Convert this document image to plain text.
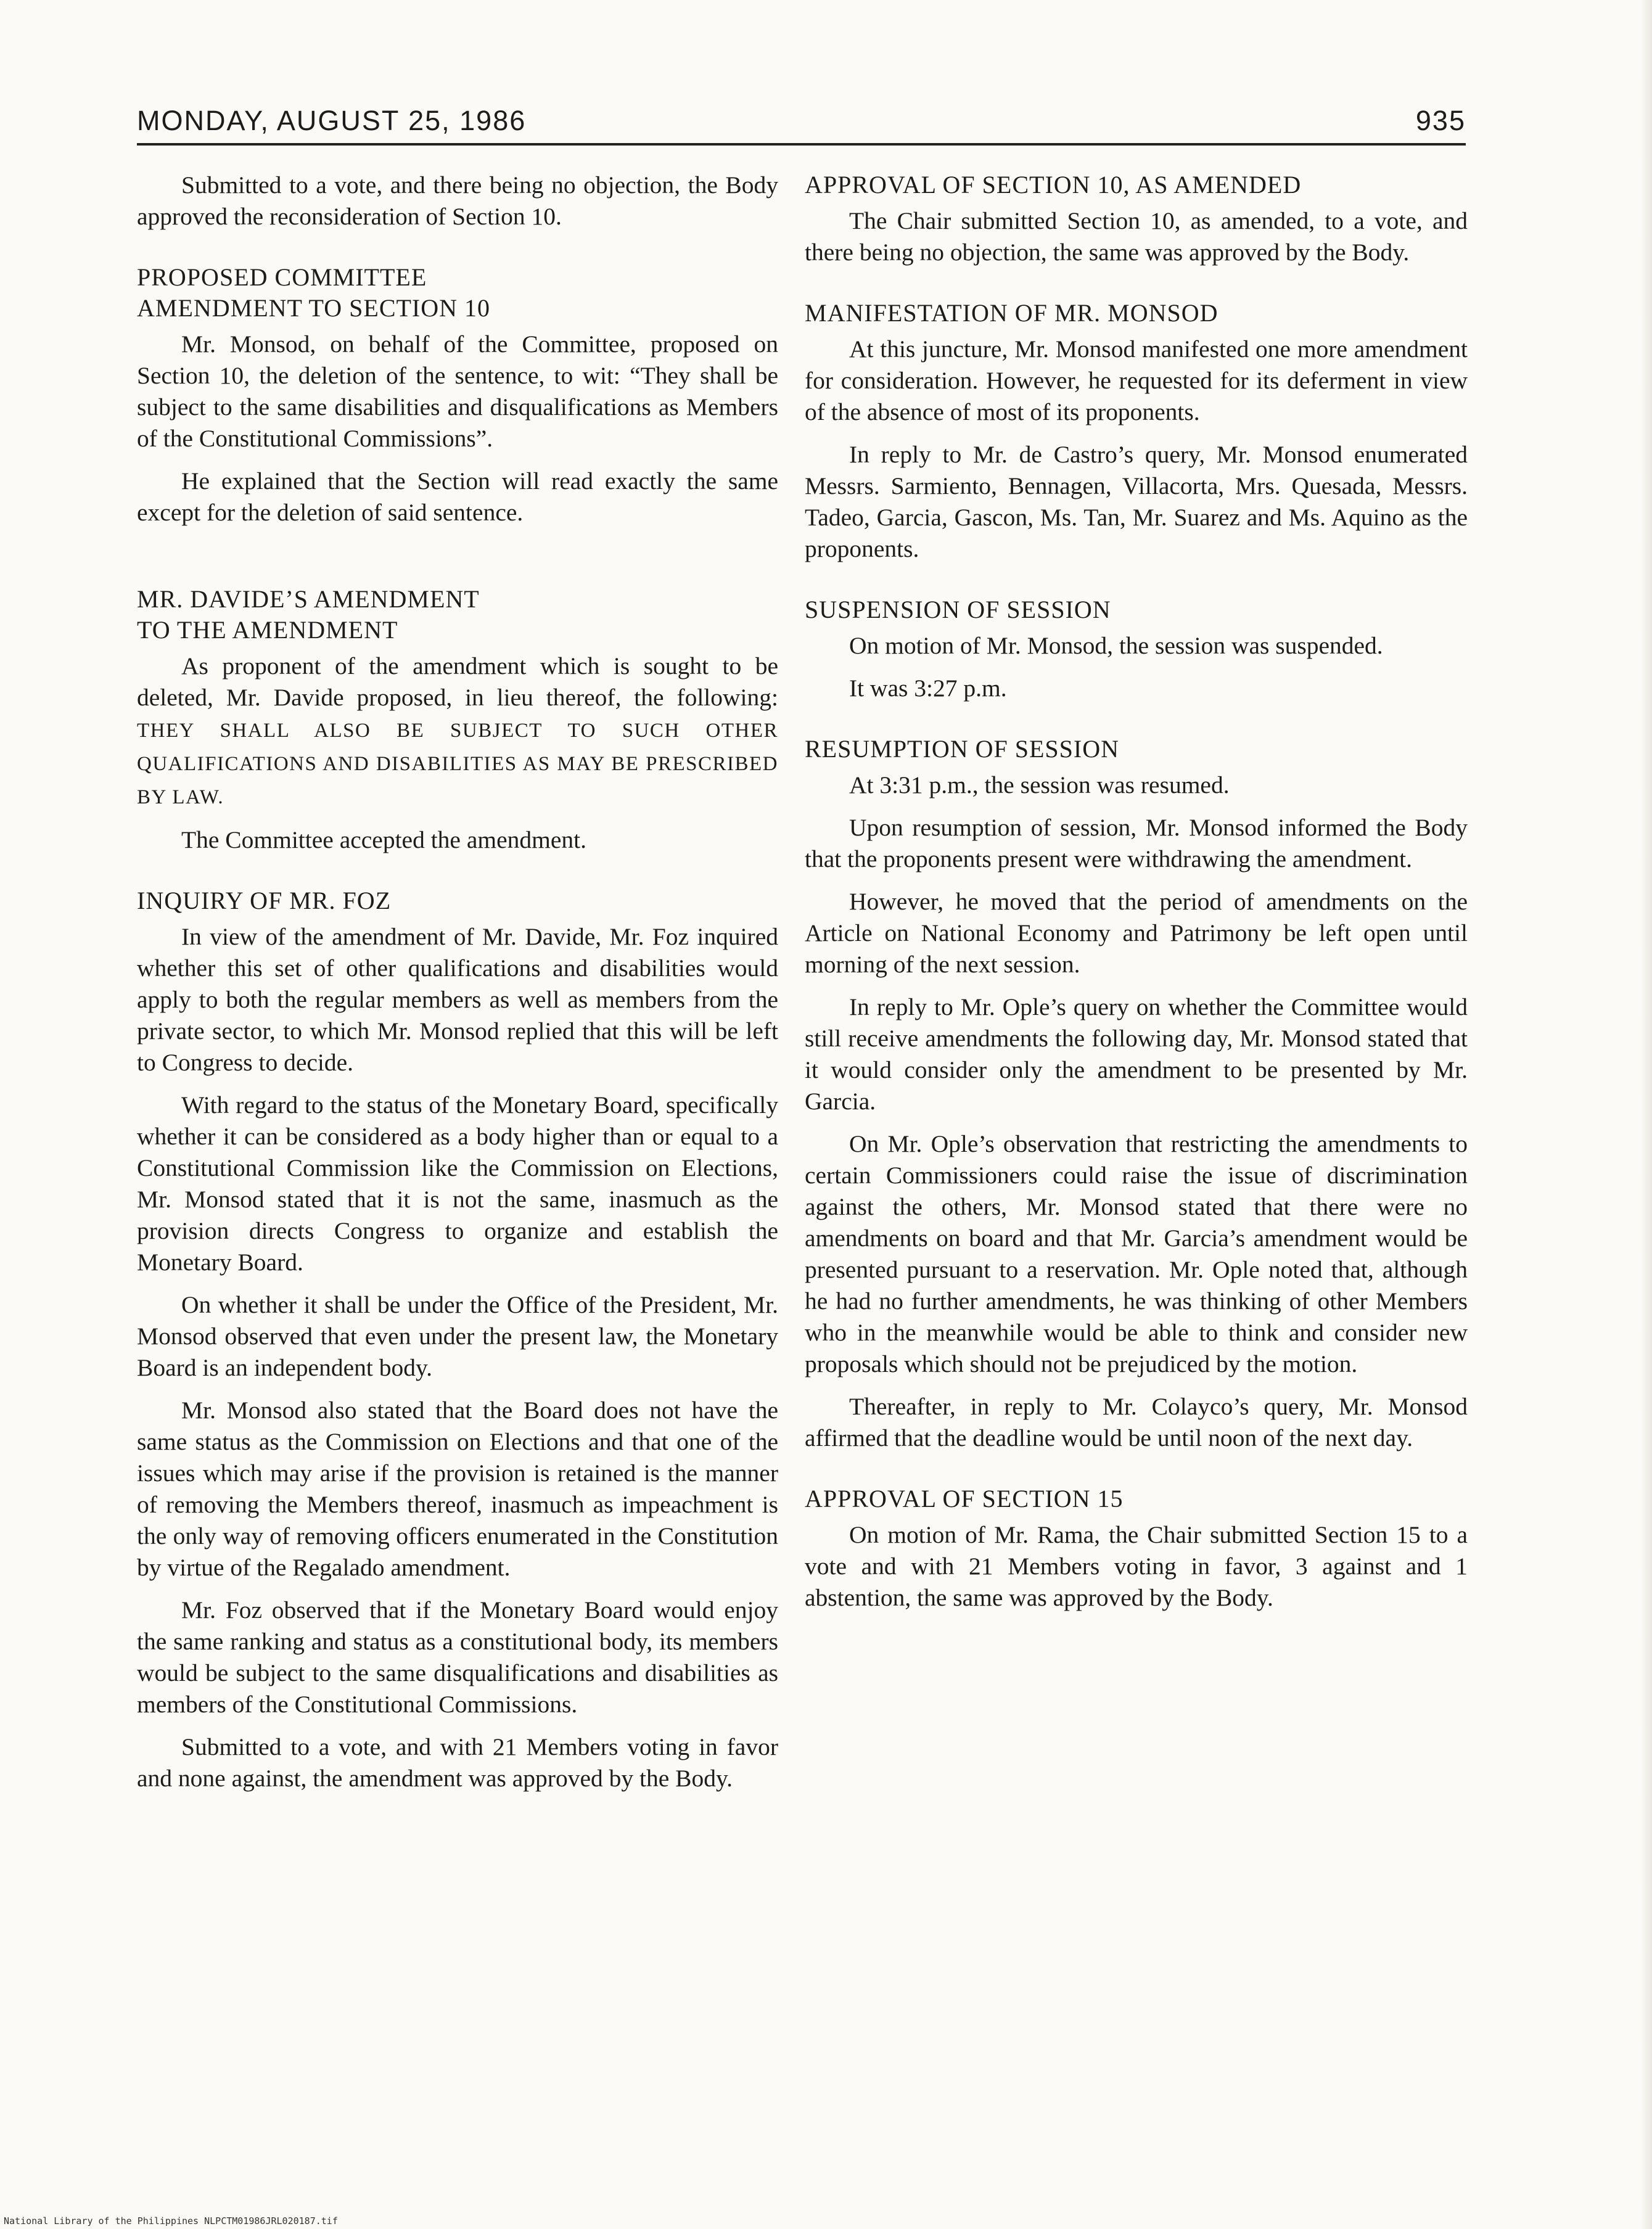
MONDAY, AUGUST 25, 1986	935

Submitted to a vote, and there being no objection, the Body approved the reconsideration of Section 10.

PROPOSED COMMITTEE
AMENDMENT TO SECTION 10

Mr. Monsod, on behalf of the Committee, proposed on Section 10, the deletion of the sentence, to wit: “They shall be subject to the same disabilities and disqualifications as Members of the Constitutional Commissions”.

He explained that the Section will read exactly the same except for the deletion of said sentence.

MR. DAVIDE’S AMENDMENT
TO THE AMENDMENT

As proponent of the amendment which is sought to be deleted, Mr. Davide proposed, in lieu thereof, the following: THEY SHALL ALSO BE SUBJECT TO SUCH OTHER QUALIFICATIONS AND DISABILITIES AS MAY BE PRESCRIBED BY LAW.

The Committee accepted the amendment.

INQUIRY OF MR. FOZ

In view of the amendment of Mr. Davide, Mr. Foz inquired whether this set of other qualifications and disabilities would apply to both the regular members as well as members from the private sector, to which Mr. Monsod replied that this will be left to Congress to decide.

With regard to the status of the Monetary Board, specifically whether it can be considered as a body higher than or equal to a Constitutional Commission like the Commission on Elections, Mr. Monsod stated that it is not the same, inasmuch as the provision directs Congress to organize and establish the Monetary Board.

On whether it shall be under the Office of the President, Mr. Monsod observed that even under the present law, the Monetary Board is an independent body.

Mr. Monsod also stated that the Board does not have the same status as the Commission on Elections and that one of the issues which may arise if the provision is retained is the manner of removing the Members thereof, inasmuch as impeachment is the only way of removing officers enumerated in the Constitution by virtue of the Regalado amendment.

Mr. Foz observed that if the Monetary Board would enjoy the same ranking and status as a constitutional body, its members would be subject to the same disqualifications and disabilities as members of the Constitutional Commissions.

Submitted to a vote, and with 21 Members voting in favor and none against, the amendment was approved by the Body.

APPROVAL OF SECTION 10, AS AMENDED

The Chair submitted Section 10, as amended, to a vote, and there being no objection, the same was approved by the Body.

MANIFESTATION OF MR. MONSOD

At this juncture, Mr. Monsod manifested one more amendment for consideration. However, he requested for its deferment in view of the absence of most of its proponents.

In reply to Mr. de Castro’s query, Mr. Monsod enumerated Messrs. Sarmiento, Bennagen, Villacorta, Mrs. Quesada, Messrs. Tadeo, Garcia, Gascon, Ms. Tan, Mr. Suarez and Ms. Aquino as the proponents.

SUSPENSION OF SESSION

On motion of Mr. Monsod, the session was suspended.

It was 3:27 p.m.

RESUMPTION OF SESSION

At 3:31 p.m., the session was resumed.

Upon resumption of session, Mr. Monsod informed the Body that the proponents present were withdrawing the amendment.

However, he moved that the period of amendments on the Article on National Economy and Patrimony be left open until morning of the next session.

In reply to Mr. Ople’s query on whether the Committee would still receive amendments the following day, Mr. Monsod stated that it would consider only the amendment to be presented by Mr. Garcia.

On Mr. Ople’s observation that restricting the amendments to certain Commissioners could raise the issue of discrimination against the others, Mr. Monsod stated that there were no amendments on board and that Mr. Garcia’s amendment would be presented pursuant to a reservation. Mr. Ople noted that, although he had no further amendments, he was thinking of other Members who in the meanwhile would be able to think and consider new proposals which should not be prejudiced by the motion.

Thereafter, in reply to Mr. Colayco’s query, Mr. Monsod affirmed that the deadline would be until noon of the next day.

APPROVAL OF SECTION 15

On motion of Mr. Rama, the Chair submitted Section 15 to a vote and with 21 Members voting in favor, 3 against and 1 abstention, the same was approved by the Body.

National Library of the Philippines NLPCTM01986JRL020187.tif
